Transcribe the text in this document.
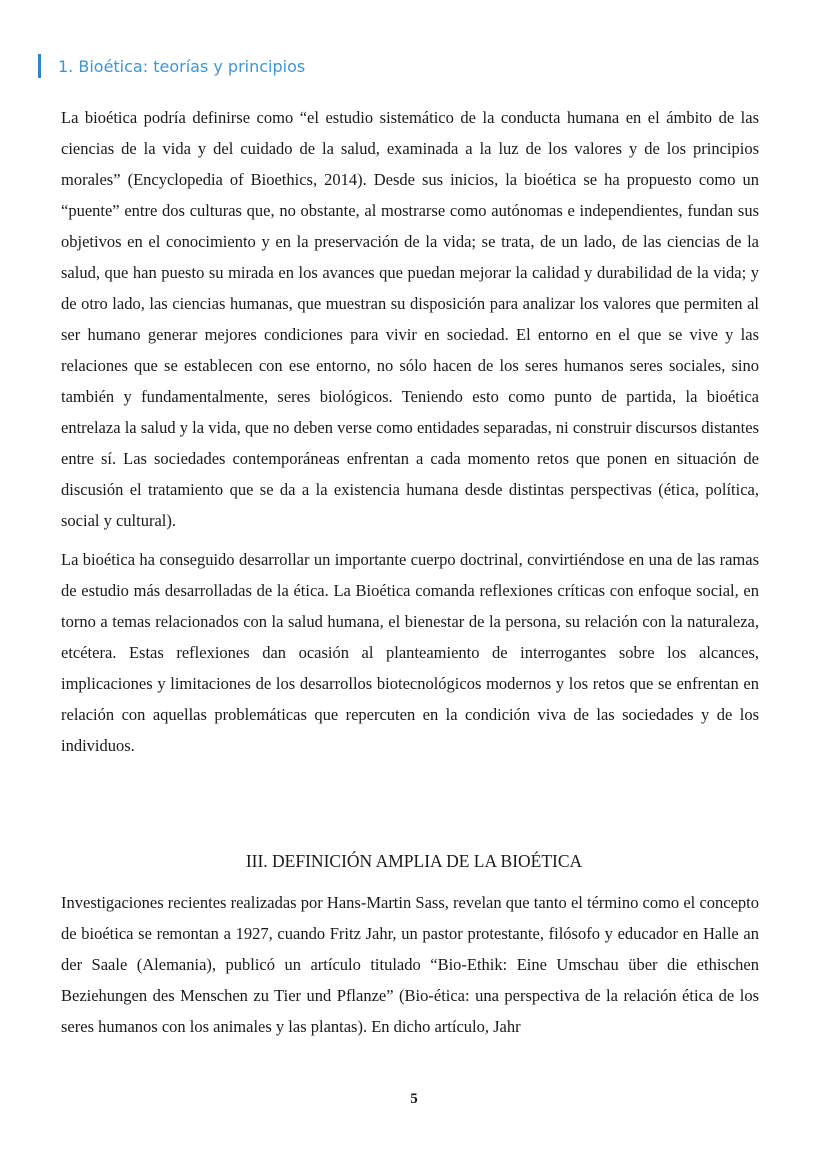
1. Bioética: teorías y principios

La bioética podría definirse como “el estudio sistemático de la conducta humana en el ámbito de las ciencias de la vida y del cuidado de la salud, examinada a la luz de los valores y de los principios morales” (Encyclopedia of Bioethics, 2014). Desde sus inicios, la bioética se ha propuesto como un “puente” entre dos culturas que, no obstante, al mostrarse como autónomas e independientes, fundan sus objetivos en el conocimiento y en la preservación de la vida; se trata, de un lado, de las ciencias de la salud, que han puesto su mirada en los avances que puedan mejorar la calidad y durabilidad de la vida; y de otro lado, las ciencias humanas, que muestran su disposición para analizar los valores que permiten al ser humano generar mejores condiciones para vivir en sociedad. El entorno en el que se vive y las relaciones que se establecen con ese entorno, no sólo hacen de los seres humanos seres sociales, sino también y fundamentalmente, seres biológicos. Teniendo esto como punto de partida, la bioética entrelaza la salud y la vida, que no deben verse como entidades separadas, ni construir discursos distantes entre sí. Las sociedades contemporáneas enfrentan a cada momento retos que ponen en situación de discusión el tratamiento que se da a la existencia humana desde distintas perspectivas (ética, política, social y cultural).

La bioética ha conseguido desarrollar un importante cuerpo doctrinal, convirtiéndose en una de las ramas de estudio más desarrolladas de la ética. La Bioética comanda reflexiones críticas con enfoque social, en torno a temas relacionados con la salud humana, el bienestar de la persona, su relación con la naturaleza, etcétera. Estas reflexiones dan ocasión al planteamiento de interrogantes sobre los alcances, implicaciones y limitaciones de los desarrollos biotecnológicos modernos y los retos que se enfrentan en relación con aquellas problemáticas que repercuten en la condición viva de las sociedades y de los individuos.

III. DEFINICIÓN AMPLIA DE LA BIOÉTICA

Investigaciones recientes realizadas por Hans-Martin Sass, revelan que tanto el término como el concepto de bioética se remontan a 1927, cuando Fritz Jahr, un pastor protestante, filósofo y educador en Halle an der Saale (Alemania), publicó un artículo titulado “Bio-Ethik: Eine Umschau über die ethischen Beziehungen des Menschen zu Tier und Pflanze” (Bio-ética: una perspectiva de la relación ética de los seres humanos con los animales y las plantas). En dicho artículo, Jahr

5
